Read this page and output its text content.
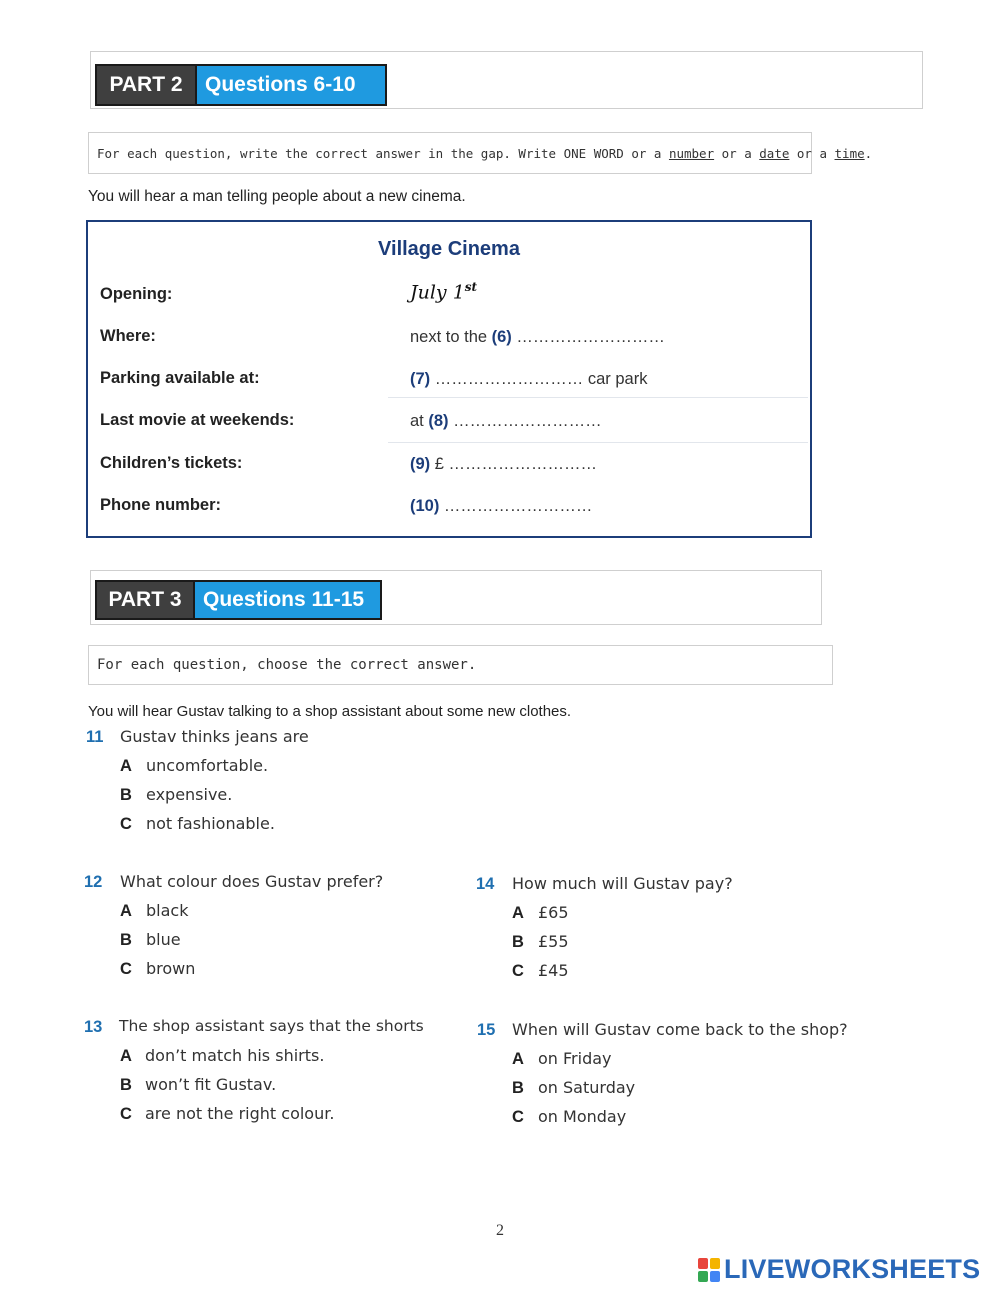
PART 2	Questions 6-10
For each question, write the correct answer in the gap. Write ONE WORD or a number or a date or a time .
You will hear a man telling people about a new cinema.
Village Cinema
Opening:	July 1st
Where:	next to the (6) ………………………
Parking available at:	(7) ……………………… car park
Last movie at weekends:	at (8) ………………………
Children’s tickets:	(9) £ ………………………
Phone number:	(10) ………………………
PART 3	Questions 11-15
For each question, choose the correct answer.
You will hear Gustav talking to a shop assistant about some new clothes.
11 Gustav thinks jeans are
A uncomfortable.
B expensive.
C not fashionable.
12 What colour does Gustav prefer?
A black
B blue
C brown
13 The shop assistant says that the shorts
A don’t match his shirts.
B won’t fit Gustav.
C are not the right colour.
14 How much will Gustav pay?
A £65
B £55
C £45
15 When will Gustav come back to the shop?
A on Friday
B on Saturday
C on Monday
2
LIVEWORKSHEETS
